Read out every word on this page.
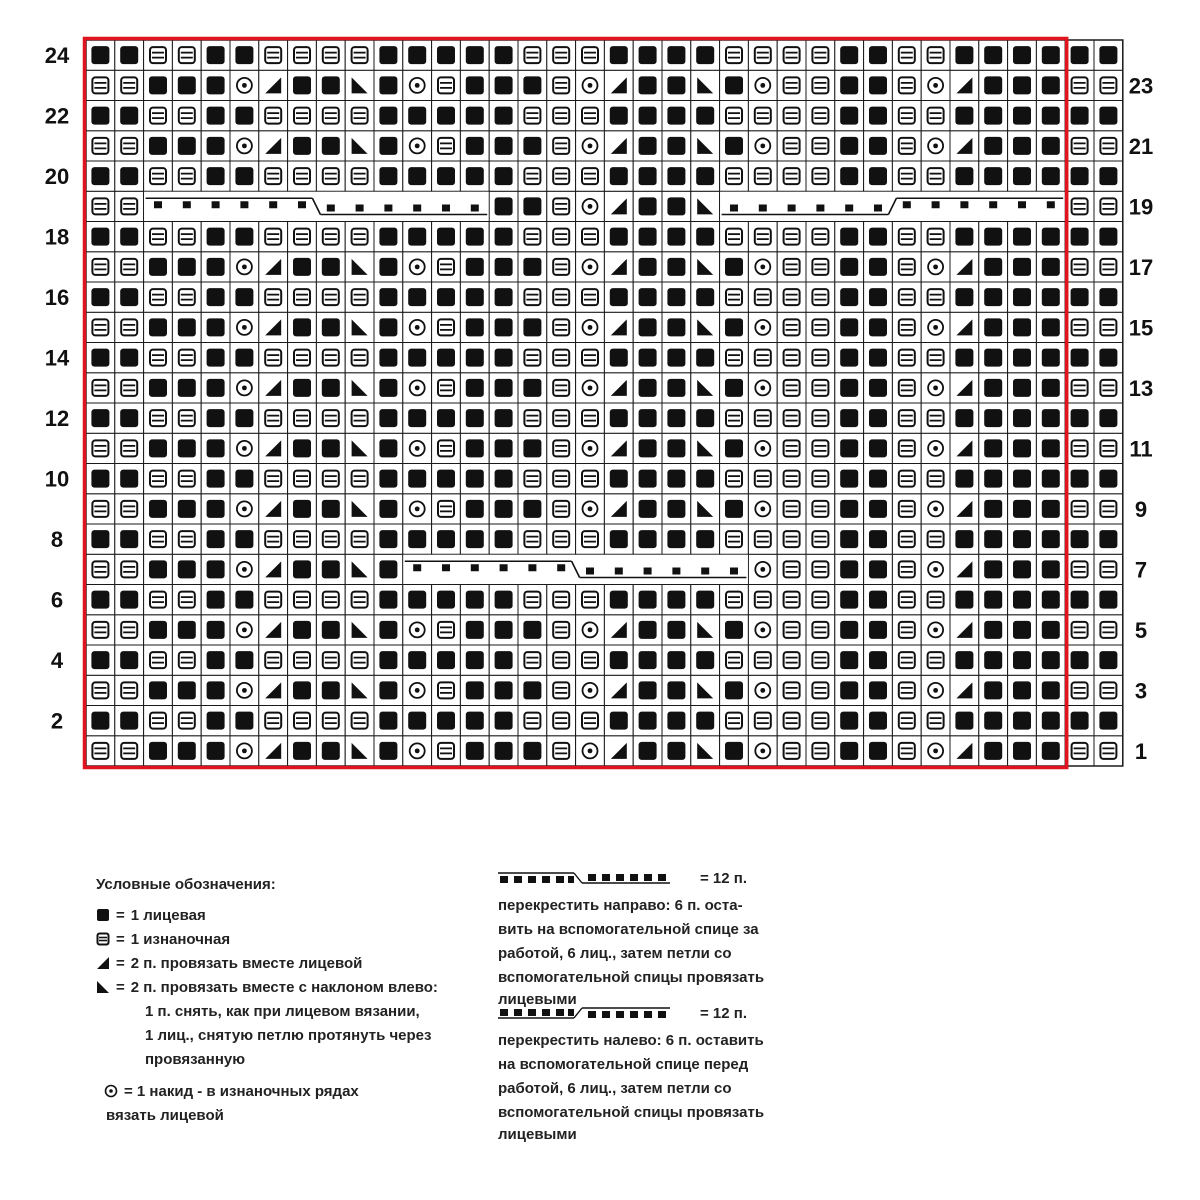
24
22
20
18
16
14
12
10
8
6
4
2
23
21
19
17
15
13
11
9
7
5
3
1
Условные обозначения:
= 1 лицевая
= 1 изнаночная
= 2 п. провязать вместе лицевой
= 2 п. провязать вместе с наклоном влево:
1 п. снять, как при лицевом вязании,
1 лиц., снятую петлю протянуть через
провязанную
= 1 накид - в изнаночных рядах
вязать лицевой
= 12 п.
перекрестить направо: 6 п. оста-
вить на вспомогательной спице за
работой, 6 лиц., затем петли со
вспомогательной спицы провязать
лицевыми
= 12 п.
перекрестить налево: 6 п. оставить
на вспомогательной спице перед
работой, 6 лиц., затем петли со
вспомогательной спицы провязать
лицевыми
